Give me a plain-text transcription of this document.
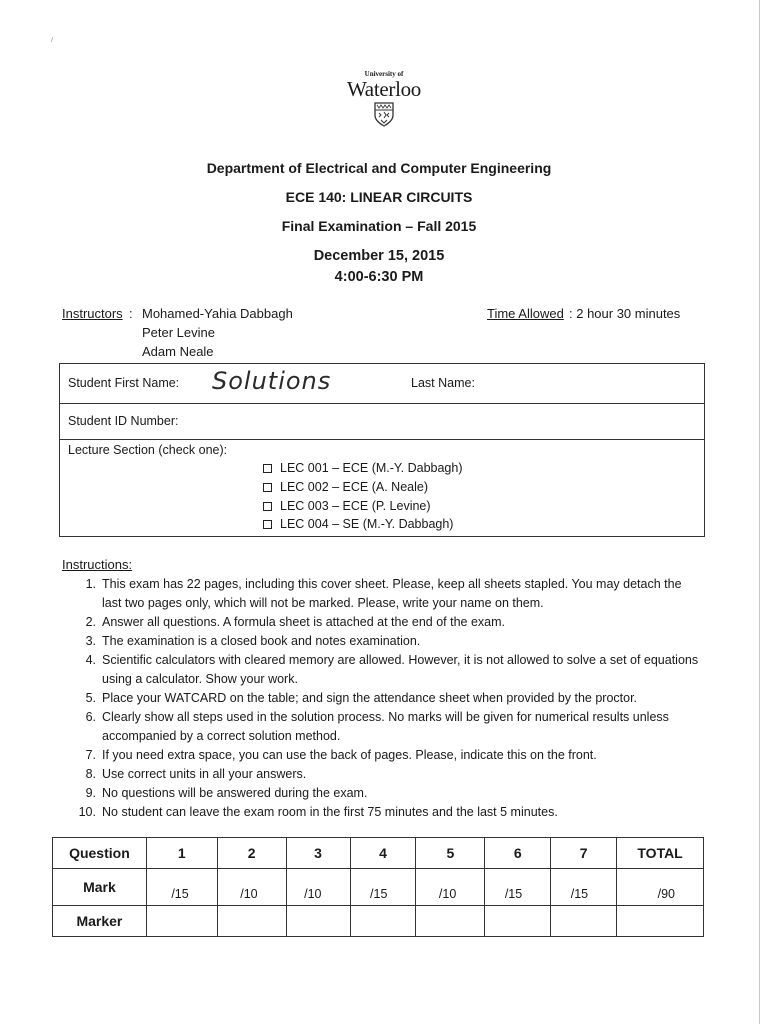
⸝
University of
Waterloo
Department of Electrical and Computer Engineering
ECE 140: LINEAR CIRCUITS
Final Examination – Fall 2015
December 15, 2015
4:00-6:30 PM
Instructors : Mohamed-Yahia Dabbagh
Peter Levine
Adam Neale
Time Allowed : 2 hour 30 minutes
Student First Name: Solutions	Last Name:
Student ID Number:
Lecture Section (check one):
LEC 001 – ECE (M.-Y. Dabbagh)
LEC 002 – ECE (A. Neale)
LEC 003 – ECE (P. Levine)
LEC 004 – SE (M.-Y. Dabbagh)
Instructions:
1. This exam has 22 pages, including this cover sheet. Please, keep all sheets stapled. You may detach the last two pages only, which will not be marked. Please, write your name on them.
2. Answer all questions. A formula sheet is attached at the end of the exam.
3. The examination is a closed book and notes examination.
4. Scientific calculators with cleared memory are allowed. However, it is not allowed to solve a set of equations using a calculator. Show your work.
5. Place your WATCARD on the table; and sign the attendance sheet when provided by the proctor.
6. Clearly show all steps used in the solution process. No marks will be given for numerical results unless accompanied by a correct solution method.
7. If you need extra space, you can use the back of pages. Please, indicate this on the front.
8. Use correct units in all your answers.
9. No questions will be answered during the exam.
10. No student can leave the exam room in the first 75 minutes and the last 5 minutes.
Question	1	2	3	4	5	6	7	TOTAL
Mark	/15	/10	/10	/15	/10	/15	/15	/90
Marker								
